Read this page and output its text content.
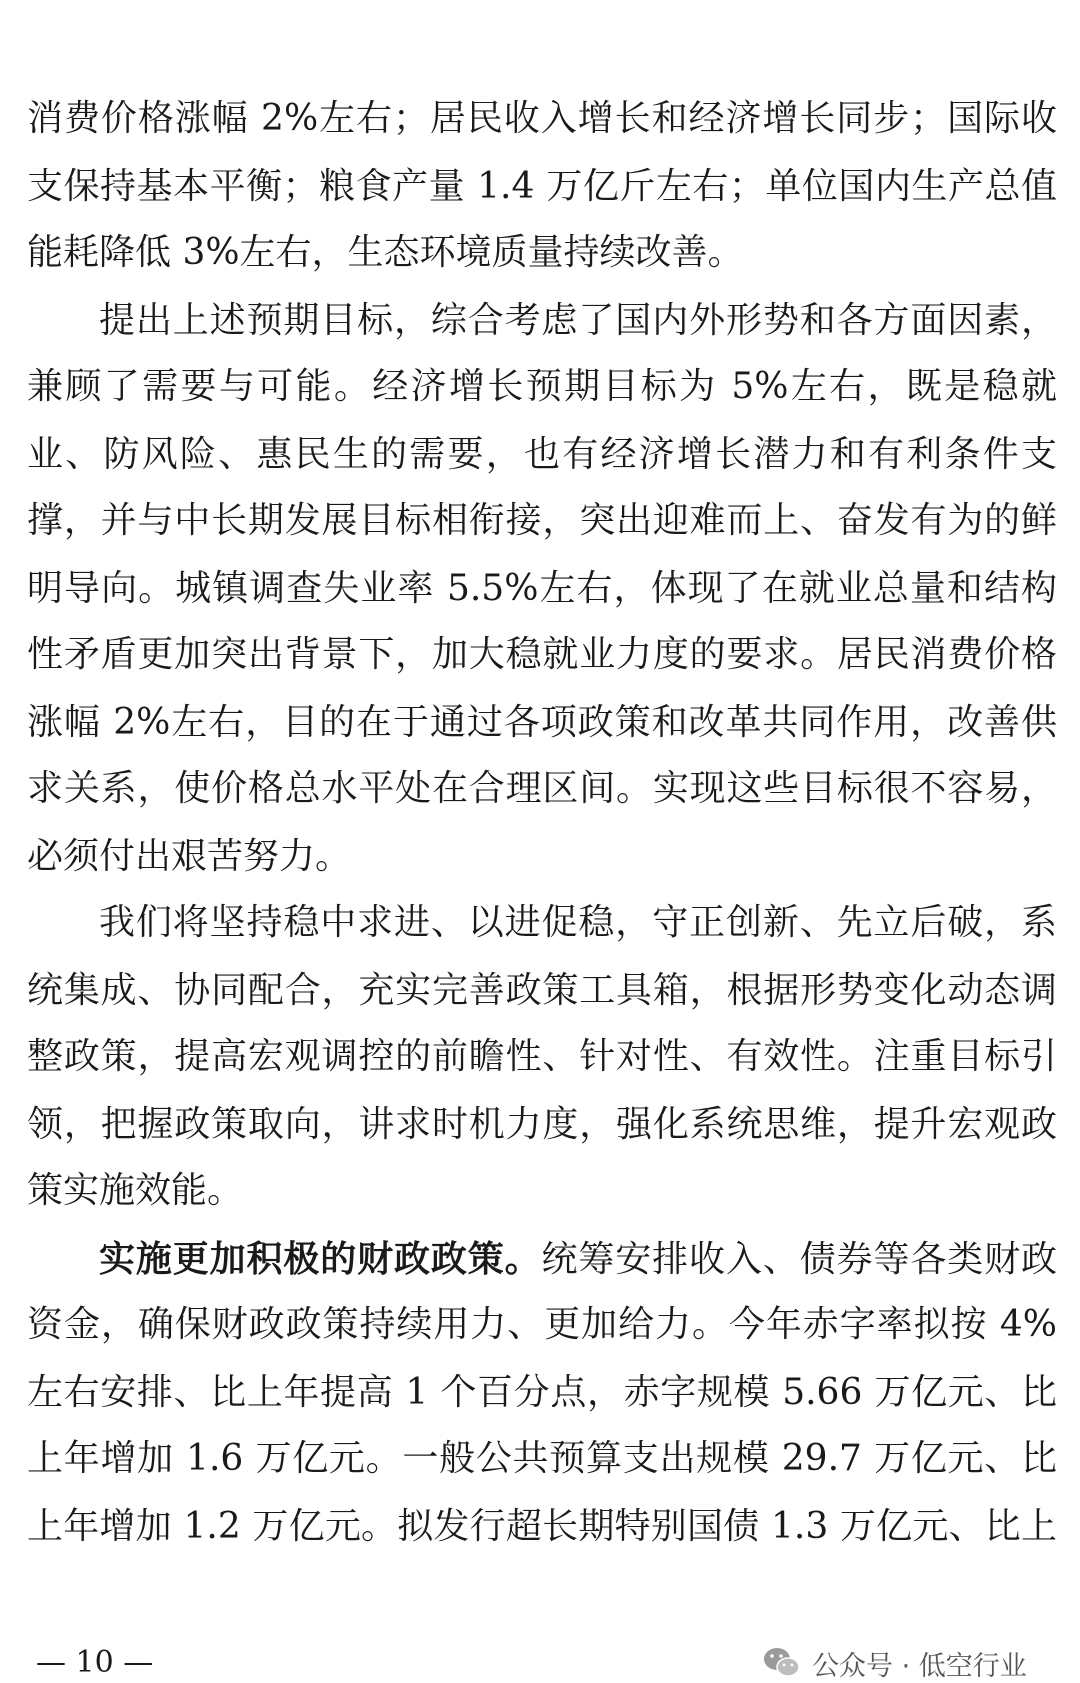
消费价格涨幅 2%左右；居民收入增长和经济增长同步；国际收
支保持基本平衡；粮食产量 1.4 万亿斤左右；单位国内生产总值
能耗降低 3%左右，生态环境质量持续改善。
提出上述预期目标，综合考虑了国内外形势和各方面因素，
兼顾了需要与可能。经济增长预期目标为 5%左右，既是稳就
业、防风险、惠民生的需要，也有经济增长潜力和有利条件支
撑，并与中长期发展目标相衔接，突出迎难而上、奋发有为的鲜
明导向。城镇调查失业率 5.5%左右，体现了在就业总量和结构
性矛盾更加突出背景下，加大稳就业力度的要求。居民消费价格
涨幅 2%左右，目的在于通过各项政策和改革共同作用，改善供
求关系，使价格总水平处在合理区间。实现这些目标很不容易，
必须付出艰苦努力。
我们将坚持稳中求进、以进促稳，守正创新、先立后破，系
统集成、协同配合，充实完善政策工具箱，根据形势变化动态调
整政策，提高宏观调控的前瞻性、针对性、有效性。注重目标引
领，把握政策取向，讲求时机力度，强化系统思维，提升宏观政
策实施效能。
实施更加积极的财政政策。统筹安排收入、债券等各类财政
资金，确保财政政策持续用力、更加给力。今年赤字率拟按 4%
左右安排、比上年提高 1 个百分点，赤字规模 5.66 万亿元、比
上年增加 1.6 万亿元。一般公共预算支出规模 29.7 万亿元、比
上年增加 1.2 万亿元。拟发行超长期特别国债 1.3 万亿元、比上
— 10 —	公众号 · 低空行业
